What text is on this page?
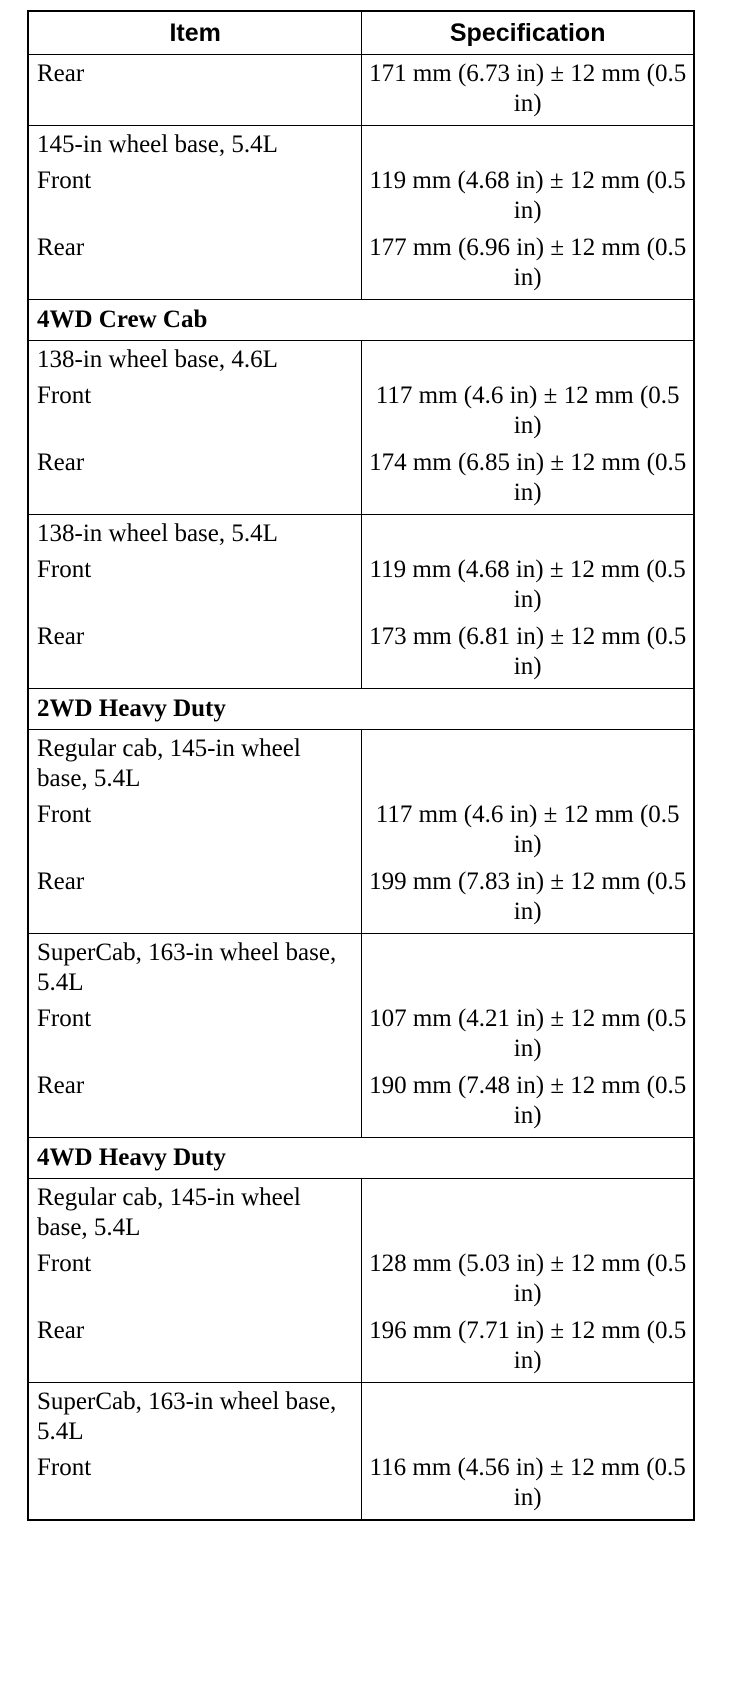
Item	Specification
Rear	171 mm (6.73 in) ± 12 mm (0.5 in)
145-in wheel base, 5.4L	
Front	119 mm (4.68 in) ± 12 mm (0.5 in)
Rear	177 mm (6.96 in) ± 12 mm (0.5 in)
4WD Crew Cab	
138-in wheel base, 4.6L	
Front	117 mm (4.6 in) ± 12 mm (0.5 in)
Rear	174 mm (6.85 in) ± 12 mm (0.5 in)
138-in wheel base, 5.4L	
Front	119 mm (4.68 in) ± 12 mm (0.5 in)
Rear	173 mm (6.81 in) ± 12 mm (0.5 in)
2WD Heavy Duty	
Regular cab, 145-in wheel base, 5.4L	
Front	117 mm (4.6 in) ± 12 mm (0.5 in)
Rear	199 mm (7.83 in) ± 12 mm (0.5 in)
SuperCab, 163-in wheel base, 5.4L	
Front	107 mm (4.21 in) ± 12 mm (0.5 in)
Rear	190 mm (7.48 in) ± 12 mm (0.5 in)
4WD Heavy Duty	
Regular cab, 145-in wheel base, 5.4L	
Front	128 mm (5.03 in) ± 12 mm (0.5 in)
Rear	196 mm (7.71 in) ± 12 mm (0.5 in)
SuperCab, 163-in wheel base, 5.4L	
Front	116 mm (4.56 in) ± 12 mm (0.5 in)
